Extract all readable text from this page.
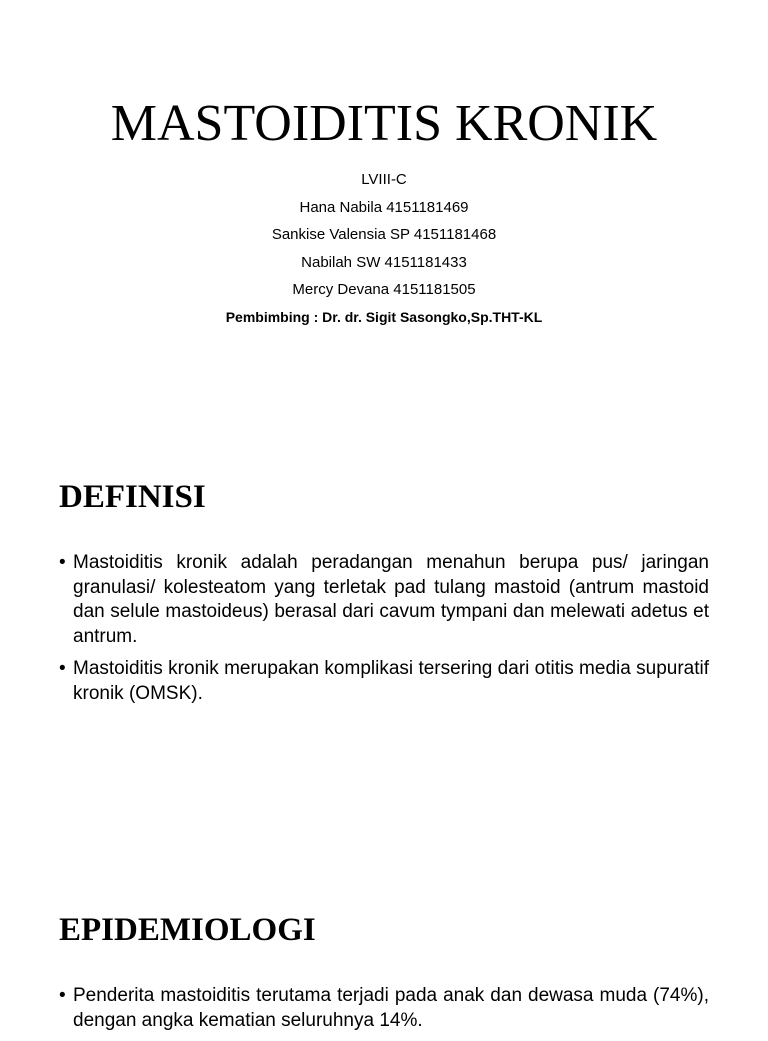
MASTOIDITIS KRONIK

LVIII-C

Hana Nabila 4151181469

Sankise Valensia SP 4151181468

Nabilah SW 4151181433

Mercy Devana 4151181505

Pembimbing : Dr. dr. Sigit Sasongko,Sp.THT-KL

DEFINISI
• Mastoiditis kronik adalah peradangan menahun berupa pus/ jaringan granulasi/ kolesteatom yang terletak pad tulang mastoid (antrum mastoid dan selule mastoideus) berasal dari cavum tympani dan melewati adetus et antrum.
• Mastoiditis kronik merupakan komplikasi tersering dari otitis media supuratif kronik (OMSK).
EPIDEMIOLOGI
• Penderita mastoiditis terutama terjadi pada anak dan dewasa muda (74%), dengan angka kematian seluruhnya 14%.
